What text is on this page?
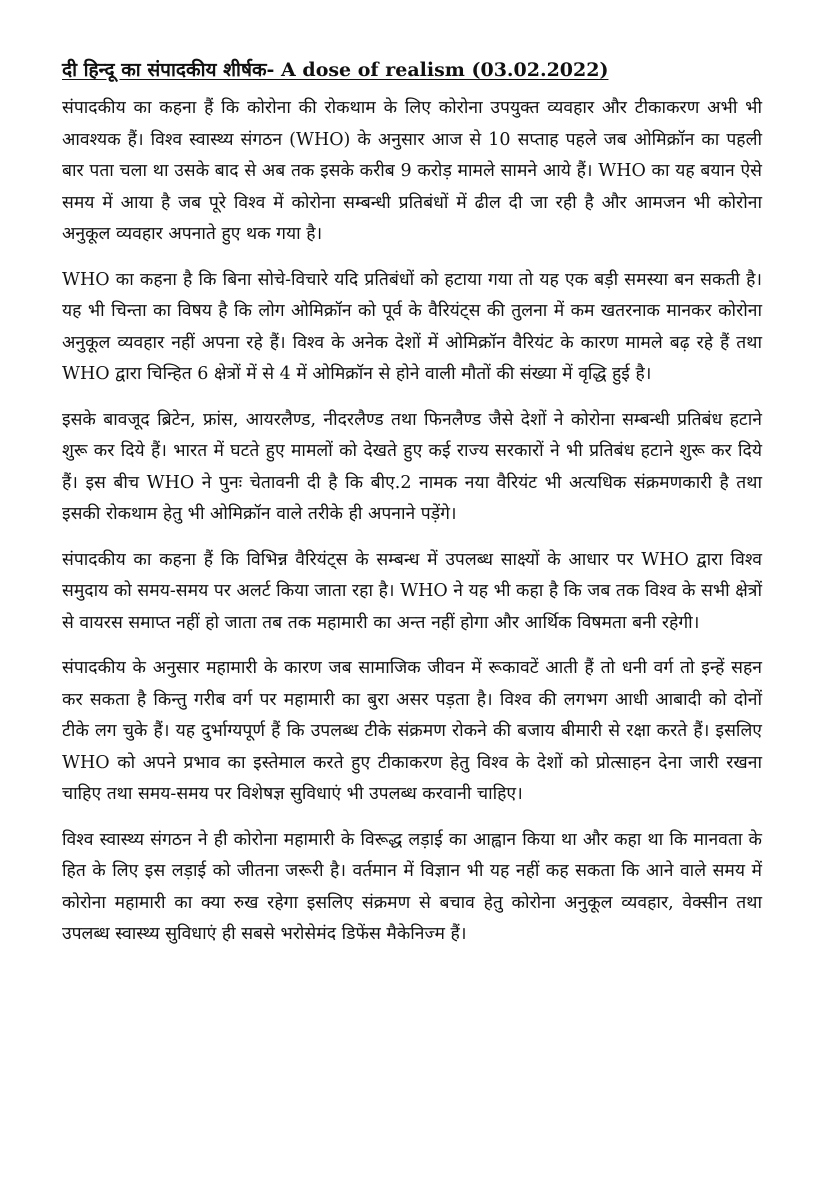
दी हिन्दू का संपादकीय शीर्षक- A dose of realism (03.02.2022)

संपादकीय का कहना हैं कि कोरोना की रोकथाम के लिए कोरोना उपयुक्त व्यवहार और टीकाकरण अभी भी आवश्यक हैं। विश्व स्वास्थ्य संगठन (WHO) के अनुसार आज से 10 सप्ताह पहले जब ओमिक्रॉन का पहली बार पता चला था उसके बाद से अब तक इसके करीब 9 करोड़ मामले सामने आये हैं। WHO का यह बयान ऐसे समय में आया है जब पूरे विश्व में कोरोना सम्बन्धी प्रतिबंधों में ढील दी जा रही है और आमजन भी कोरोना अनुकूल व्यवहार अपनाते हुए थक गया है।

WHO का कहना है कि बिना सोचे-विचारे यदि प्रतिबंधों को हटाया गया तो यह एक बड़ी समस्या बन सकती है। यह भी चिन्ता का विषय है कि लोग ओमिक्रॉन को पूर्व के वैरियंट्स की तुलना में कम खतरनाक मानकर कोरोना अनुकूल व्यवहार नहीं अपना रहे हैं। विश्व के अनेक देशों में ओमिक्रॉन वैरियंट के कारण मामले बढ़ रहे हैं तथा WHO द्वारा चिन्हित 6 क्षेत्रों में से 4 में ओमिक्रॉन से होने वाली मौतों की संख्या में वृद्धि हुई है।

इसके बावजूद ब्रिटेन, फ्रांस, आयरलैण्ड, नीदरलैण्ड तथा फिनलैण्ड जैसे देशों ने कोरोना सम्बन्धी प्रतिबंध हटाने शुरू कर दिये हैं। भारत में घटते हुए मामलों को देखते हुए कई राज्य सरकारों ने भी प्रतिबंध हटाने शुरू कर दिये हैं। इस बीच WHO ने पुनः चेतावनी दी है कि बीए.2 नामक नया वैरियंट भी अत्यधिक संक्रमणकारी है तथा इसकी रोकथाम हेतु भी ओमिक्रॉन वाले तरीके ही अपनाने पड़ेंगे।

संपादकीय का कहना हैं कि विभिन्न वैरियंट्स के सम्बन्ध में उपलब्ध साक्ष्यों के आधार पर WHO द्वारा विश्व समुदाय को समय-समय पर अलर्ट किया जाता रहा है। WHO ने यह भी कहा है कि जब तक विश्व के सभी क्षेत्रों से वायरस समाप्त नहीं हो जाता तब तक महामारी का अन्त नहीं होगा और आर्थिक विषमता बनी रहेगी।

संपादकीय के अनुसार महामारी के कारण जब सामाजिक जीवन में रूकावटें आती हैं तो धनी वर्ग तो इन्हें सहन कर सकता है किन्तु गरीब वर्ग पर महामारी का बुरा असर पड़ता है। विश्व की लगभग आधी आबादी को दोनों टीके लग चुके हैं। यह दुर्भाग्यपूर्ण हैं कि उपलब्ध टीके संक्रमण रोकने की बजाय बीमारी से रक्षा करते हैं। इसलिए WHO को अपने प्रभाव का इस्तेमाल करते हुए टीकाकरण हेतु विश्व के देशों को प्रोत्साहन देना जारी रखना चाहिए तथा समय-समय पर विशेषज्ञ सुविधाएं भी उपलब्ध करवानी चाहिए।

विश्व स्वास्थ्य संगठन ने ही कोरोना महामारी के विरूद्ध लड़ाई का आह्वान किया था और कहा था कि मानवता के हित के लिए इस लड़ाई को जीतना जरूरी है। वर्तमान में विज्ञान भी यह नहीं कह सकता कि आने वाले समय में कोरोना महामारी का क्या रुख रहेगा इसलिए संक्रमण से बचाव हेतु कोरोना अनुकूल व्यवहार, वेक्सीन तथा उपलब्ध स्वास्थ्य सुविधाएं ही सबसे भरोसेमंद डिफेंस मैकेनिज्म हैं।
